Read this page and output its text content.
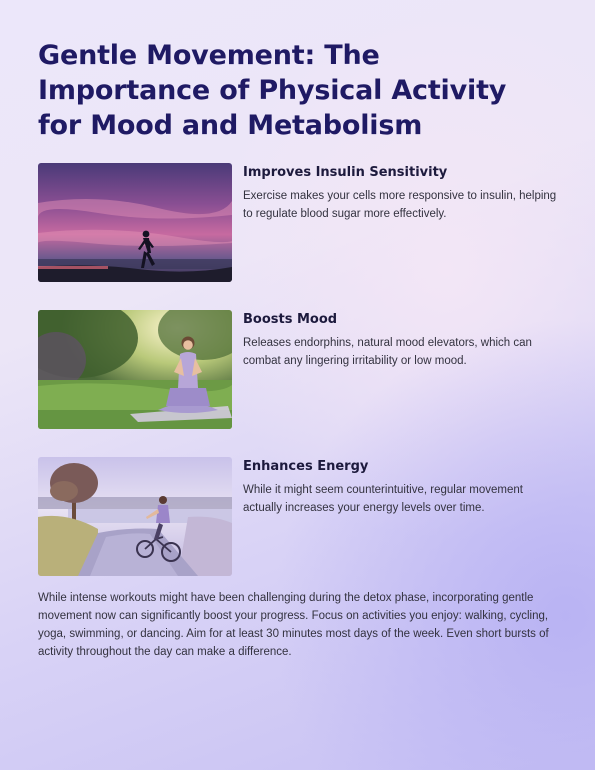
Gentle Movement: The Importance of Physical Activity for Mood and Metabolism
Improves Insulin Sensitivity

Exercise makes your cells more responsive to insulin, helping to regulate blood sugar more effectively.

Boosts Mood

Releases endorphins, natural mood elevators, which can combat any lingering irritability or low mood.

Enhances Energy

While it might seem counterintuitive, regular movement actually increases your energy levels over time.

While intense workouts might have been challenging during the detox phase, incorporating gentle movement now can significantly boost your progress. Focus on activities you enjoy: walking, cycling, yoga, swimming, or dancing. Aim for at least 30 minutes most days of the week. Even short bursts of activity throughout the day can make a difference.
